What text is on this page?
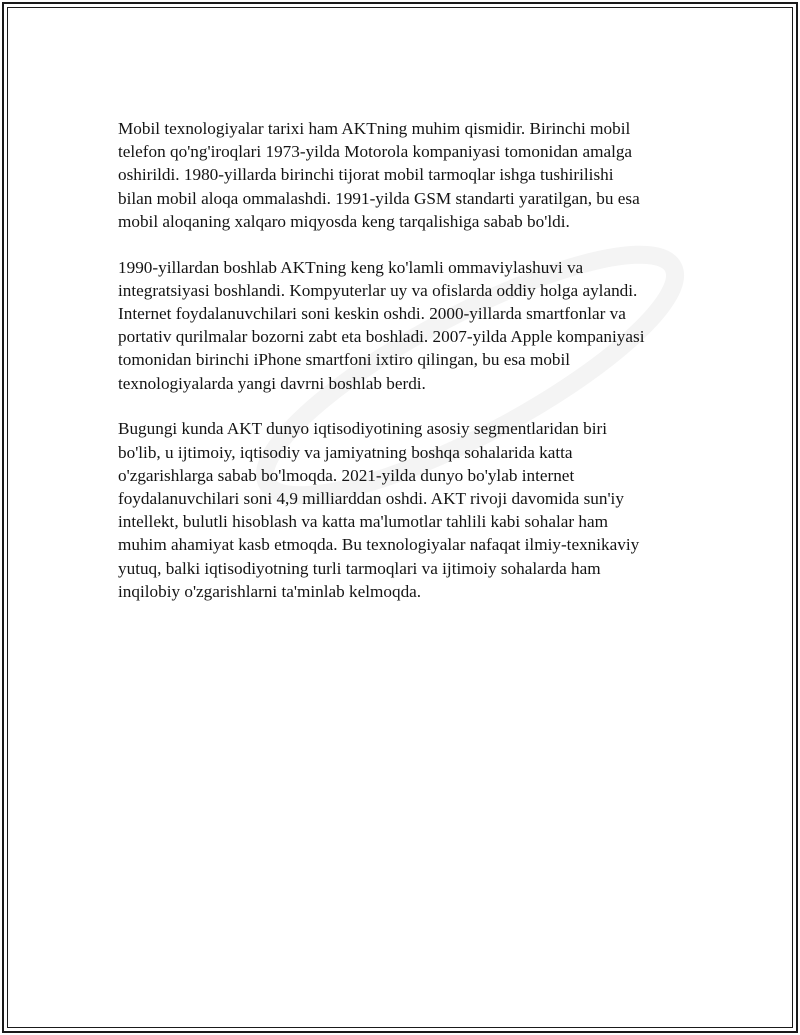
Mobil texnologiyalar tarixi ham AKTning muhim qismidir. Birinchi mobil
telefon qo'ng'iroqlari 1973-yilda Motorola kompaniyasi tomonidan amalga
oshirildi. 1980-yillarda birinchi tijorat mobil tarmoqlar ishga tushirilishi
bilan mobil aloqa ommalashdi. 1991-yilda GSM standarti yaratilgan, bu esa
mobil aloqaning xalqaro miqyosda keng tarqalishiga sabab bo'ldi.

1990-yillardan boshlab AKTning keng ko'lamli ommaviylashuvi va
integratsiyasi boshlandi. Kompyuterlar uy va ofislarda oddiy holga aylandi.
Internet foydalanuvchilari soni keskin oshdi. 2000-yillarda smartfonlar va
portativ qurilmalar bozorni zabt eta boshladi. 2007-yilda Apple kompaniyasi
tomonidan birinchi iPhone smartfoni ixtiro qilingan, bu esa mobil
texnologiyalarda yangi davrni boshlab berdi.

Bugungi kunda AKT dunyo iqtisodiyotining asosiy segmentlaridan biri
bo'lib, u ijtimoiy, iqtisodiy va jamiyatning boshqa sohalarida katta
o'zgarishlarga sabab bo'lmoqda. 2021-yilda dunyo bo'ylab internet
foydalanuvchilari soni 4,9 milliarddan oshdi. AKT rivoji davomida sun'iy
intellekt, bulutli hisoblash va katta ma'lumotlar tahlili kabi sohalar ham
muhim ahamiyat kasb etmoqda. Bu texnologiyalar nafaqat ilmiy-texnikaviy
yutuq, balki iqtisodiyotning turli tarmoqlari va ijtimoiy sohalarda ham
inqilobiy o'zgarishlarni ta'minlab kelmoqda.
